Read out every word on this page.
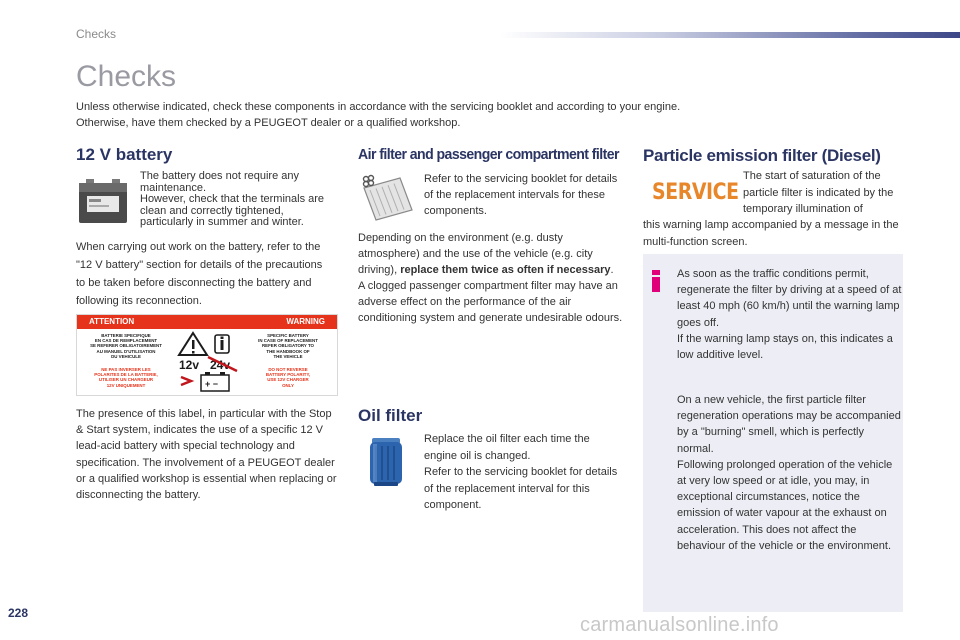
Checks
Checks

Unless otherwise indicated, check these components in accordance with the servicing booklet and according to your engine.
Otherwise, have them checked by a PEUGEOT dealer or a qualified workshop.

12 V battery

The battery does not require any maintenance.
However, check that the terminals are clean and correctly tightened, particularly in summer and winter.

When carrying out work on the battery, refer to the "12 V battery" section for details of the precautions to be taken before disconnecting the battery and following its reconnection.

ATTENTION	WARNING
BATTERIE SPECIFIQUE
EN CAS DE REMPLACEMENT
SE REFERER OBLIGATOIREMENT
AU MANUEL D'UTILISATION
DU VEHICULE
SPECIFIC BATTERY
IN CASE OF REPLACEMENT
REFER OBLIGATORY TO
THE HANDBOOK OF
THE VEHICLE
NE PAS INVERSER LES
POLARITES DE LA BATTERIE,
UTILISER UN CHARGEUR
12V UNIQUEMENT
DO NOT REVERSE
BATTERY POLARITY,
USE 12V CHARGER
ONLY
12v 24v
+ −

The presence of this label, in particular with the Stop & Start system, indicates the use of a specific 12 V lead-acid battery with special technology and specification. The involvement of a PEUGEOT dealer or a qualified workshop is essential when replacing or disconnecting the battery.

Air filter and passenger compartment filter

Refer to the servicing booklet for details of the replacement intervals for these components.

Depending on the environment (e.g. dusty atmosphere) and the use of the vehicle (e.g. city driving), replace them twice as often if necessary.
A clogged passenger compartment filter may have an adverse effect on the performance of the air conditioning system and generate undesirable odours.

Oil filter

Replace the oil filter each time the engine oil is changed.
Refer to the servicing booklet for details of the replacement interval for this component.

Particle emission filter (Diesel)
SERVICE

The start of saturation of the particle filter is indicated by the temporary illumination of

this warning lamp accompanied by a message in the multi-function screen.

As soon as the traffic conditions permit, regenerate the filter by driving at a speed of at least 40 mph (60 km/h) until the warning lamp goes off.
If the warning lamp stays on, this indicates a low additive level.

On a new vehicle, the first particle filter regeneration operations may be accompanied by a "burning" smell, which is perfectly normal.
Following prolonged operation of the vehicle at very low speed or at idle, you may, in exceptional circumstances, notice the emission of water vapour at the exhaust on acceleration. This does not affect the behaviour of the vehicle or the environment.

228
carmanualsonline.info
